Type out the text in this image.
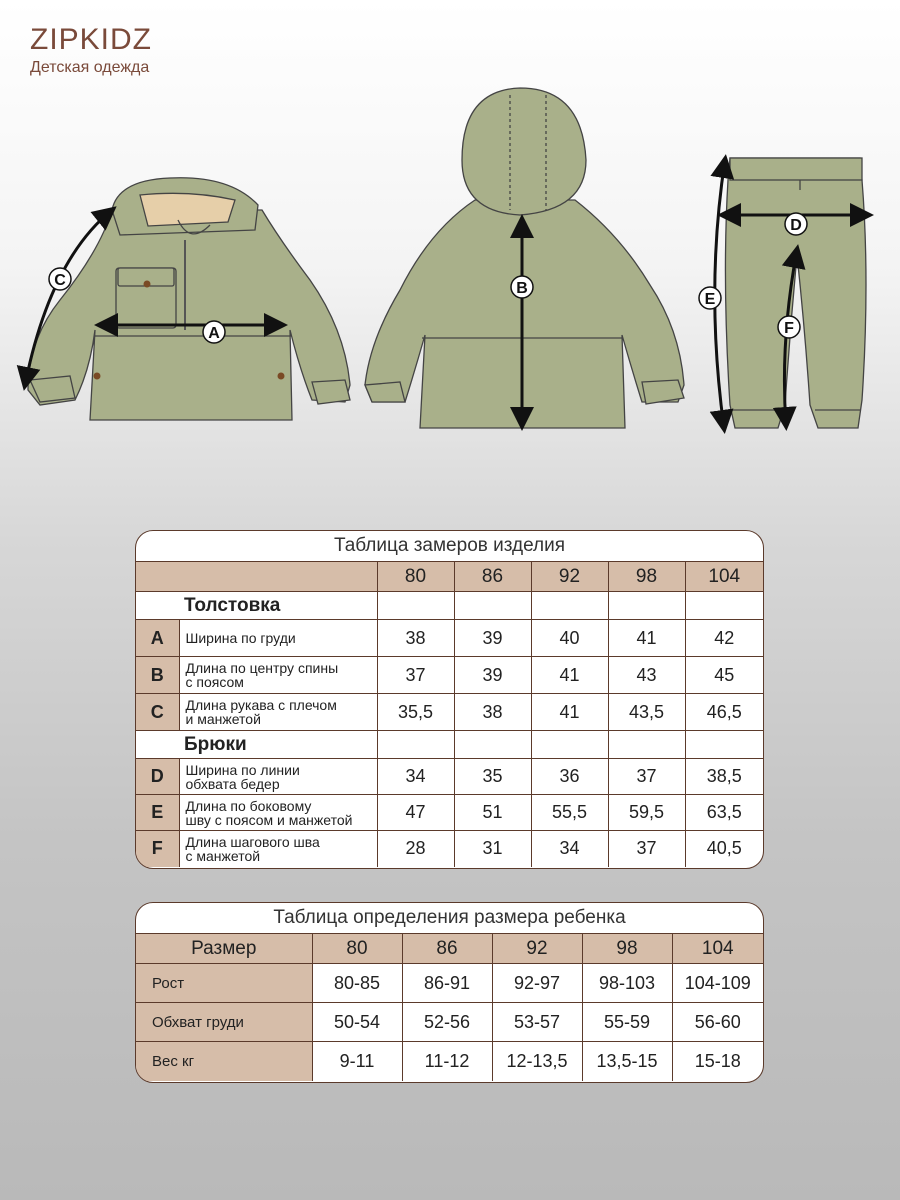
ZIPKIDZ
Детская одежда
A
C	B
D
E
F
Таблица замеров изделия
		80	86	92	98	104
Толстовка						
A	Ширина по груди	38	39	40	41	42
B	Длина по центру спины
с поясом	37	39	41	43	45
C	Длина рукава с плечом
и манжетой	35,5	38	41	43,5	46,5
Брюки						
D	Ширина по линии
обхвата бедер	34	35	36	37	38,5
E	Длина по боковому
шву с поясом и манжетой	47	51	55,5	59,5	63,5
F	Длина шагового шва
с манжетой	28	31	34	37	40,5
Таблица определения размера ребенка
Размер	80	86	92	98	104
Рост	80-85	86-91	92-97	98-103	104-109
Обхват груди	50-54	52-56	53-57	55-59	56-60
Вес кг	9-11	11-12	12-13,5	13,5-15	15-18
